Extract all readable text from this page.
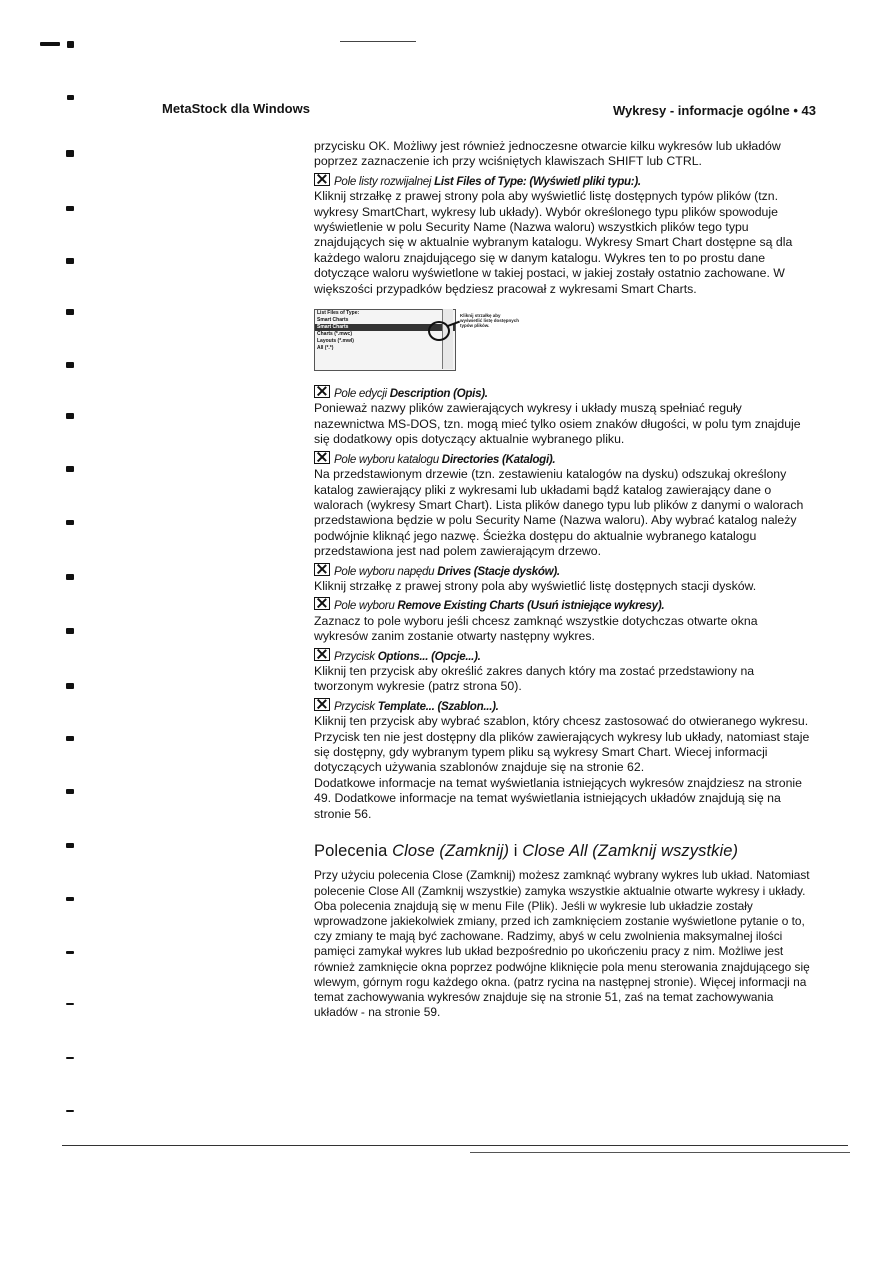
MetaStock dla Windows	Wykresy - informacje ogólne • 43

przycisku OK. Możliwy jest również jednoczesne otwarcie kilku wykresów lub układów poprzez zaznaczenie ich przy wciśniętych klawiszach SHIFT lub CTRL.

Pole listy rozwijalnej List Files of Type: (Wyświetl pliki typu:).

Kliknij strzałkę z prawej strony pola aby wyświetlić listę dostępnych typów plików (tzn. wykresy SmartChart, wykresy lub układy). Wybór określonego typu plików spowoduje wyświetlenie w polu Security Name (Nazwa waloru) wszystkich plików tego typu znajdujących się w aktualnie wybranym katalogu. Wykresy Smart Chart dostępne są dla każdego waloru znajdującego się w danym katalogu. Wykres ten to po prostu dane dotyczące waloru wyświetlone w takiej postaci, w jakiej zostały ostatnio zachowane. W większości przypadków będziesz pracował z wykresami Smart Charts.

List Files of Type:
Smart Charts
Smart Charts
Charts (*.mwc)
Layouts (*.mwl)
All (*.*)
Kliknij strzałkę aby wyświetlić listę dostępnych typów plików.
Pole edycji Description (Opis).

Ponieważ nazwy plików zawierających wykresy i układy muszą spełniać reguły nazewnictwa MS-DOS, tzn. mogą mieć tylko osiem znaków długości, w polu tym znajduje się dodatkowy opis dotyczący aktualnie wybranego pliku.

Pole wyboru katalogu Directories (Katalogi).

Na przedstawionym drzewie (tzn. zestawieniu katalogów na dysku) odszukaj określony katalog zawierający pliki z wykresami lub układami bądź katalog zawierający dane o walorach (wykresy Smart Chart). Lista plików danego typu lub plików z danymi o walorach przedstawiona będzie w polu Security Name (Nazwa waloru). Aby wybrać katalog należy podwójnie kliknąć jego nazwę. Ścieżka dostępu do aktualnie wybranego katalogu przedstawiona jest nad polem zawierającym drzewo.

Pole wyboru napędu Drives (Stacje dysków).

Kliknij strzałkę z prawej strony pola aby wyświetlić listę dostępnych stacji dysków.

Pole wyboru Remove Existing Charts (Usuń istniejące wykresy).

Zaznacz to pole wyboru jeśli chcesz zamknąć wszystkie dotychczas otwarte okna wykresów zanim zostanie otwarty następny wykres.

Przycisk Options... (Opcje...).

Kliknij ten przycisk aby określić zakres danych który ma zostać przedstawiony na tworzonym wykresie (patrz strona 50).

Przycisk Template... (Szablon...).

Kliknij ten przycisk aby wybrać szablon, który chcesz zastosować do otwieranego wykresu. Przycisk ten nie jest dostępny dla plików zawierających wykresy lub układy, natomiast staje się dostępny, gdy wybranym typem pliku są wykresy Smart Chart. Wiecej informacji dotyczących używania szablonów znajduje się na stronie 62.

Dodatkowe informacje na temat wyświetlania istniejących wykresów znajdziesz na stronie 49. Dodatkowe informacje na temat wyświetlania istniejących układów znajdują się na stronie 56.

Polecenia Close (Zamknij) i Close All (Zamknij wszystkie)

Przy użyciu polecenia Close (Zamknij) możesz zamknąć wybrany wykres lub układ. Natomiast polecenie Close All (Zamknij wszystkie) zamyka wszystkie aktualnie otwarte wykresy i układy. Oba polecenia znajdują się w menu File (Plik). Jeśli w wykresie lub układzie zostały wprowadzone jakiekolwiek zmiany, przed ich zamknięciem zostanie wyświetlone pytanie o to, czy zmiany te mają być zachowane. Radzimy, abyś w celu zwolnienia maksymalnej ilości pamięci zamykał wykres lub układ bezpośrednio po ukończeniu pracy z nim. Możliwe jest również zamknięcie okna poprzez podwójne kliknięcie pola menu sterowania znajdującego się wlewym, górnym rogu każdego okna. (patrz rycina na następnej stronie). Więcej informacji na temat zachowywania wykresów znajduje się na stronie 51, zaś na temat zachowywania układów - na stronie 59.
